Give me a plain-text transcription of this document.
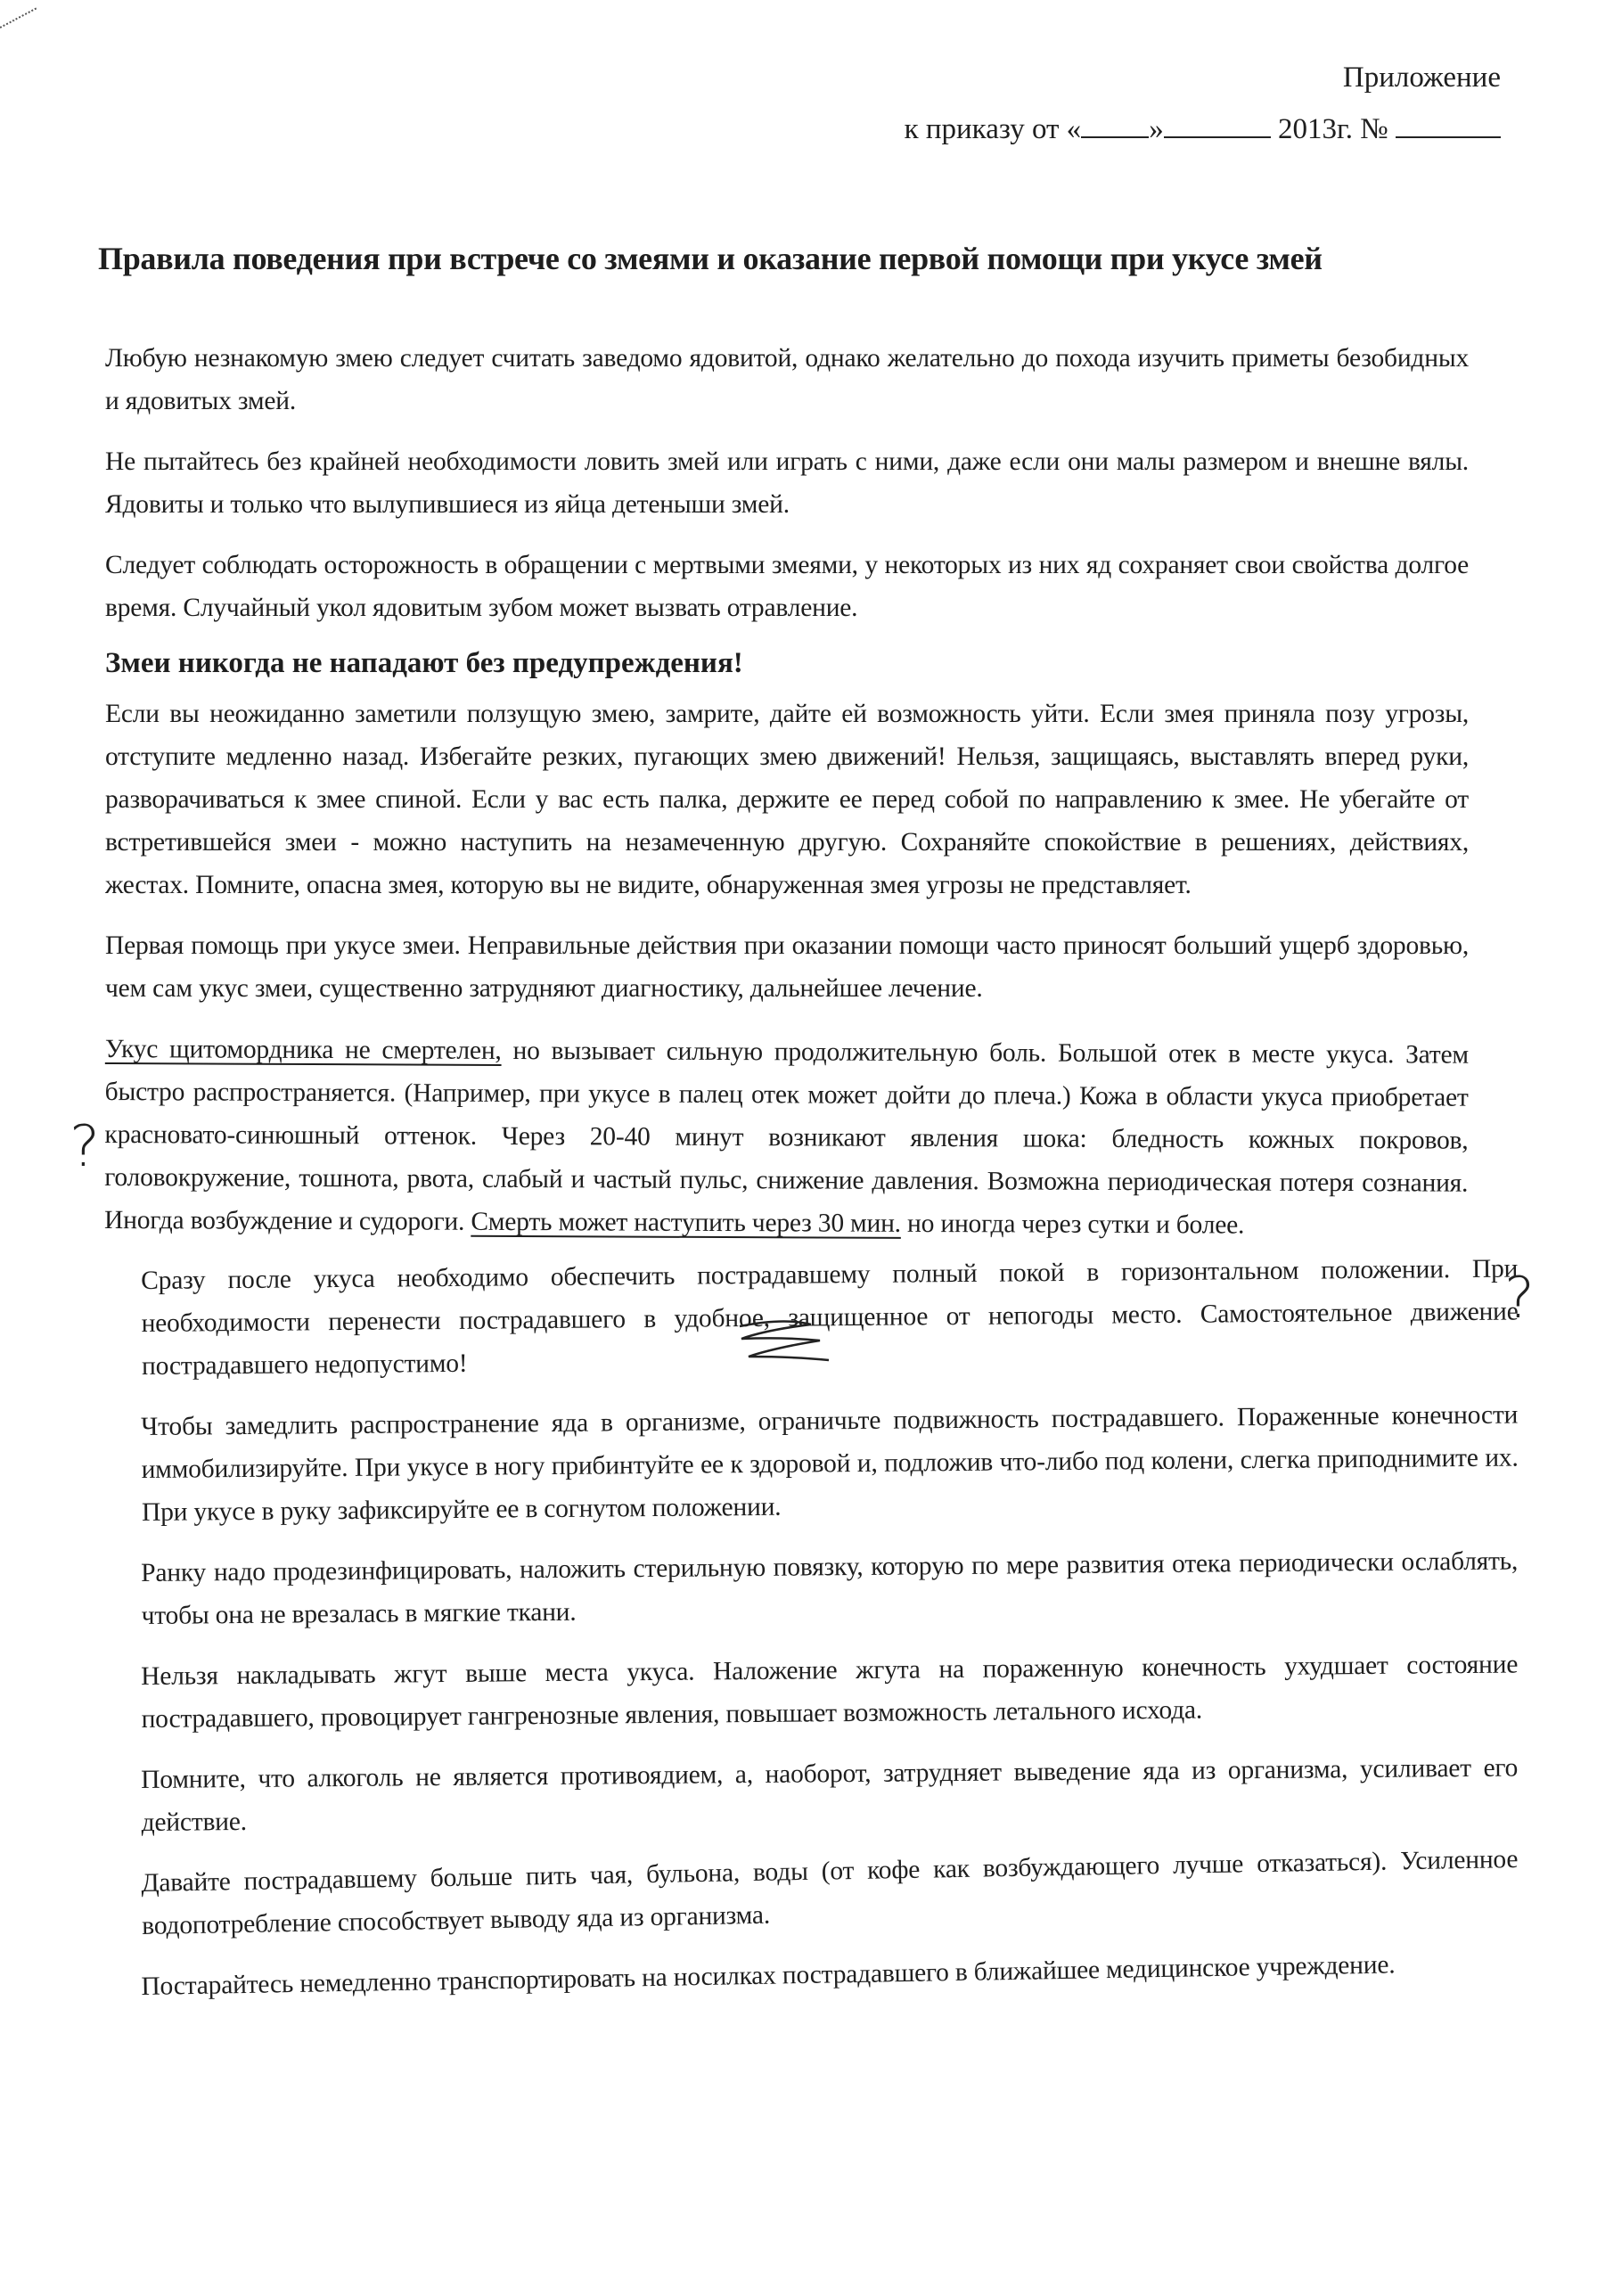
Приложение
к приказу от « »	2013г. №
Правила поведения при встрече со змеями и оказание первой помощи при укусе змей

Любую незнакомую змею следует считать заведомо ядовитой, однако желательно до похода изучить приметы безобидных и ядовитых змей.

Не пытайтесь без крайней необходимости ловить змей или играть с ними, даже если они малы размером и внешне вялы. Ядовиты и только что вылупившиеся из яйца детеныши змей.

Следует соблюдать осторожность в обращении с мертвыми змеями, у некоторых из них яд сохраняет свои свойства долгое время. Случайный укол ядовитым зубом может вызвать отравление.

Змеи никогда не нападают без предупреждения!

Если вы неожиданно заметили ползущую змею, замрите, дайте ей возможность уйти. Если змея приняла позу угрозы, отступите медленно назад. Избегайте резких, пугающих змею движений! Нельзя, защищаясь, выставлять вперед руки, разворачиваться к змее спиной. Если у вас есть палка, держите ее перед собой по направлению к змее. Не убегайте от встретившейся змеи - можно наступить на незамеченную другую. Сохраняйте спокойствие в решениях, действиях, жестах. Помните, опасна змея, которую вы не видите, обнаруженная змея угрозы не представляет.

Первая помощь при укусе змеи. Неправильные действия при оказании помощи часто приносят больший ущерб здоровью, чем сам укус змеи, существенно затрудняют диагностику, дальнейшее лечение.

Укус щитомордника не смертелен, но вызывает сильную продолжительную боль. Большой отек в месте укуса. Затем быстро распространяется. (Например, при укусе в палец отек может дойти до плеча.) Кожа в области укуса приобретает красновато-синюшный оттенок. Через 20-40 минут возникают явления шока: бледность кожных покровов, головокружение, тошнота, рвота, слабый и частый пульс, снижение давления. Возможна периодическая потеря сознания. Иногда возбуждение и судороги. Смерть может наступить через 30 мин. но иногда через сутки и более.

Сразу после укуса необходимо обеспечить пострадавшему полный покой в горизонтальном положении. При необходимости перенести пострадавшего в удобное, защищенное от непогоды место. Самостоятельное движение пострадавшего недопустимо!

Чтобы замедлить распространение яда в организме, ограничьте подвижность пострадавшего. Пораженные конечности иммобилизируйте. При укусе в ногу прибинтуйте ее к здоровой и, подложив что-либо под колени, слегка приподнимите их. При укусе в руку зафиксируйте ее в согнутом положении.

Ранку надо продезинфицировать, наложить стерильную повязку, которую по мере развития отека периодически ослаблять, чтобы она не врезалась в мягкие ткани.

Нельзя накладывать жгут выше места укуса. Наложение жгута на пораженную конечность ухудшает состояние пострадавшего, провоцирует гангренозные явления, повышает возможность летального исхода.

Помните, что алкоголь не является противоядием, а, наоборот, затрудняет выведение яда из организма, усиливает его действие.

Давайте пострадавшему больше пить чая, бульона, воды (от кофе как возбуждающего лучше отказаться). Усиленное водопотребление способствует выводу яда из организма.

Постарайтесь немедленно транспортировать на носилках пострадавшего в ближайшее медицинское учреждение.

?
?
